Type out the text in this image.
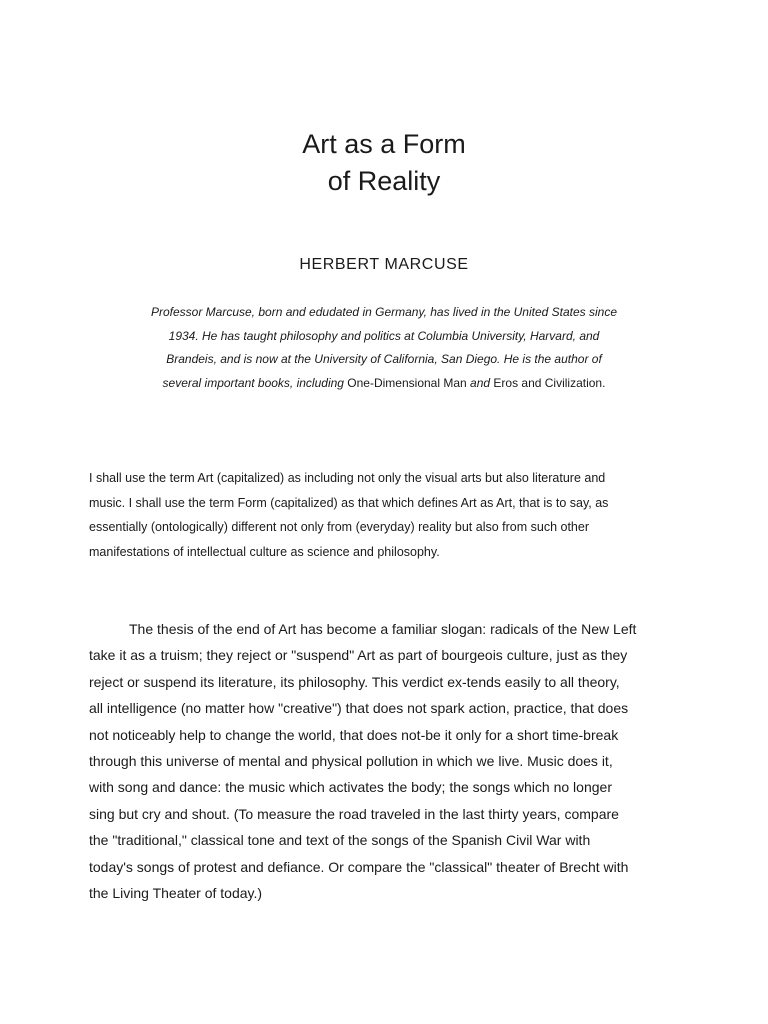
Art as a Form
of Reality

HERBERT MARCUSE

Professor Marcuse, born and edudated in Germany, has lived in the United States since
1934. He has taught philosophy and politics at Columbia University, Harvard, and
Brandeis, and is now at the University of California, San Diego. He is the author of
several important books, including One-Dimensional Man and Eros and Civilization.

I shall use the term Art (capitalized) as including not only the visual arts but also literature and
music. I shall use the term Form (capitalized) as that which defines Art as Art, that is to say, as
essentially (ontologically) different not only from (everyday) reality but also from such other
manifestations of intellectual culture as science and philosophy.

The thesis of the end of Art has become a familiar slogan: radicals of the New Left
take it as a truism; they reject or "suspend" Art as part of bourgeois culture, just as they
reject or suspend its literature, its philosophy. This verdict ex-tends easily to all theory,
all intelligence (no matter how "creative") that does not spark action, practice, that does
not noticeably help to change the world, that does not-be it only for a short time-break
through this universe of mental and physical pollution in which we live. Music does it,
with song and dance: the music which activates the body; the songs which no longer
sing but cry and shout. (To measure the road traveled in the last thirty years, compare
the "traditional," classical tone and text of the songs of the Spanish Civil War with
today's songs of protest and defiance. Or compare the "classical" theater of Brecht with
the Living Theater of today.)
